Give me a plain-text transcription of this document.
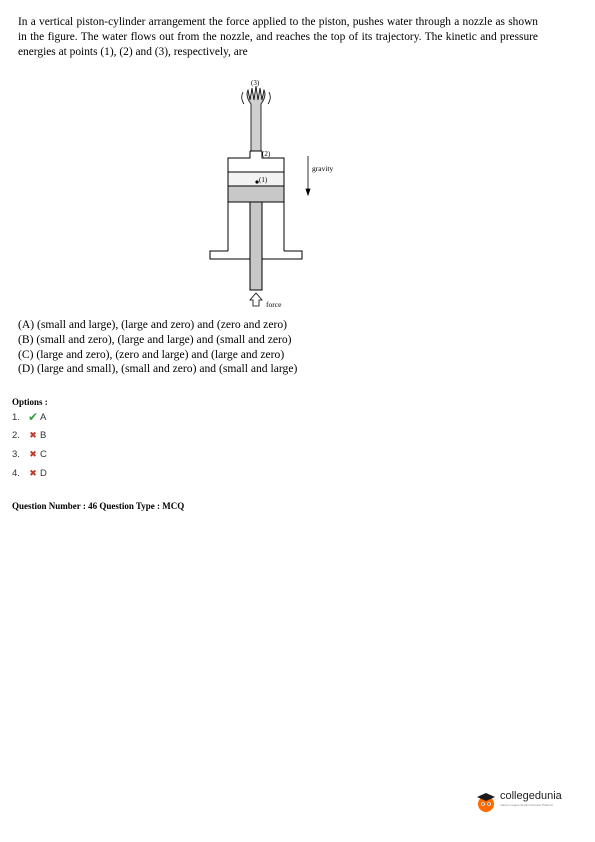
In a vertical piston-cylinder arrangement the force applied to the piston, pushes water through a nozzle as shown in the figure. The water flows out from the nozzle, and reaches the top of its trajectory. The kinetic and pressure energies at points (1), (2) and (3), respectively, are
(3)
(2)
(1)
gravity
force
(A) (small and large), (large and zero) and (zero and zero)
(B) (small and zero), (large and large) and (small and zero)
(C) (large and zero), (zero and large) and (large and zero)
(D) (large and small), (small and zero) and (small and large)
Options :
1. ✔ A
2.	✖ B
3.	✖ C
4.	✖ D
Question Number : 46 Question Type : MCQ
collegedunia
India's Largest Student Review Platform
